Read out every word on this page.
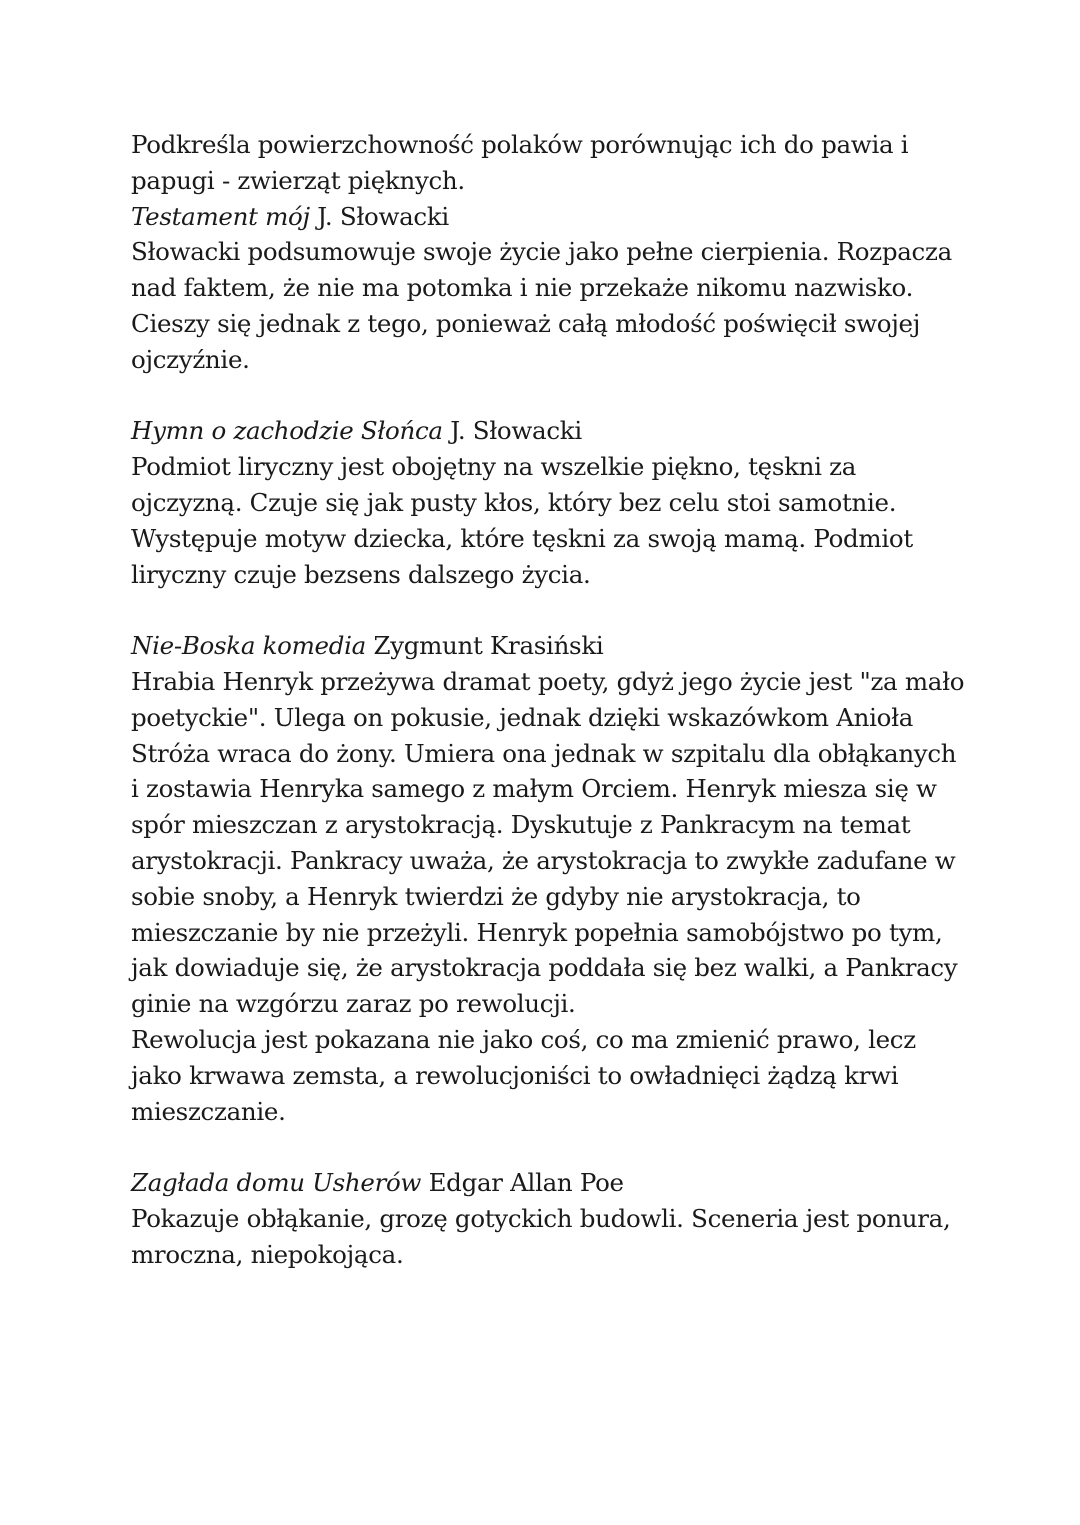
Podkreśla powierzchowność polaków porównując ich do pawia i
papugi - zwierząt pięknych.
Testament mój J. Słowacki
Słowacki podsumowuje swoje życie jako pełne cierpienia. Rozpacza
nad faktem, że nie ma potomka i nie przekaże nikomu nazwisko.
Cieszy się jednak z tego, ponieważ całą młodość poświęcił swojej
ojczyźnie.
Hymn o zachodzie Słońca J. Słowacki
Podmiot liryczny jest obojętny na wszelkie piękno, tęskni za
ojczyzną. Czuje się jak pusty kłos, który bez celu stoi samotnie.
Występuje motyw dziecka, które tęskni za swoją mamą. Podmiot
liryczny czuje bezsens dalszego życia.
Nie-Boska komedia Zygmunt Krasiński
Hrabia Henryk przeżywa dramat poety, gdyż jego życie jest "za mało
poetyckie". Ulega on pokusie, jednak dzięki wskazówkom Anioła
Stróża wraca do żony. Umiera ona jednak w szpitalu dla obłąkanych
i zostawia Henryka samego z małym Orciem. Henryk miesza się w
spór mieszczan z arystokracją. Dyskutuje z Pankracym na temat
arystokracji. Pankracy uważa, że arystokracja to zwykłe zadufane w
sobie snoby, a Henryk twierdzi że gdyby nie arystokracja, to
mieszczanie by nie przeżyli. Henryk popełnia samobójstwo po tym,
jak dowiaduje się, że arystokracja poddała się bez walki, a Pankracy
ginie na wzgórzu zaraz po rewolucji.
Rewolucja jest pokazana nie jako coś, co ma zmienić prawo, lecz
jako krwawa zemsta, a rewolucjoniści to owładnięci żądzą krwi
mieszczanie.
Zagłada domu Usherów Edgar Allan Poe
Pokazuje obłąkanie, grozę gotyckich budowli. Sceneria jest ponura,
mroczna, niepokojąca.
